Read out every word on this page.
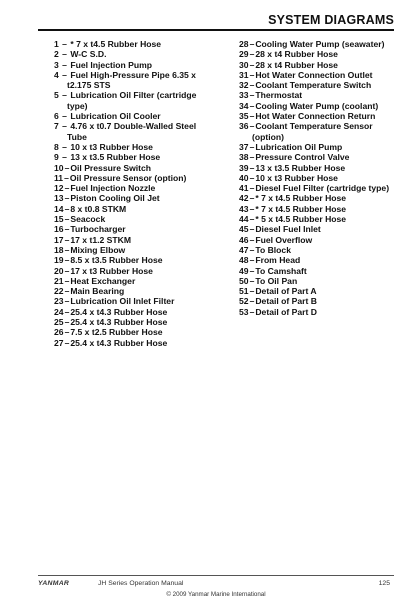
SYSTEM DIAGRAMS
1 – * 7 x t4.5 Rubber Hose
2 – W-C S.D.
3 – Fuel Injection Pump
4 – Fuel High-Pressure Pipe 6.35 x
t2.175 STS
5 – Lubrication Oil Filter (cartridge
type)
6 – Lubrication Oil Cooler
7 – 4.76 x t0.7 Double-Walled Steel
Tube
8 – 10 x t3 Rubber Hose
9 – 13 x t3.5 Rubber Hose
10 – Oil Pressure Switch
11 – Oil Pressure Sensor (option)
12 – Fuel Injection Nozzle
13 – Piston Cooling Oil Jet
14 – 8 x t0.8 STKM
15 – Seacock
16 – Turbocharger
17 – 17 x t1.2 STKM
18 – Mixing Elbow
19 – 8.5 x t3.5 Rubber Hose
20 – 17 x t3 Rubber Hose
21 – Heat Exchanger
22 – Main Bearing
23 – Lubrication Oil Inlet Filter
24 – 25.4 x t4.3 Rubber Hose
25 – 25.4 x t4.3 Rubber Hose
26 – 7.5 x t2.5 Rubber Hose
27 – 25.4 x t4.3 Rubber Hose
28 – Cooling Water Pump (seawater)
29 – 28 x t4 Rubber Hose
30 – 28 x t4 Rubber Hose
31 – Hot Water Connection Outlet
32 – Coolant Temperature Switch
33 – Thermostat
34 – Cooling Water Pump (coolant)
35 – Hot Water Connection Return
36 – Coolant Temperature Sensor
(option)
37 – Lubrication Oil Pump
38 – Pressure Control Valve
39 – 13 x t3.5 Rubber Hose
40 – 10 x t3 Rubber Hose
41 – Diesel Fuel Filter (cartridge type)
42 – * 7 x t4.5 Rubber Hose
43 – * 7 x t4.5 Rubber Hose
44 – * 5 x t4.5 Rubber Hose
45 – Diesel Fuel Inlet
46 – Fuel Overflow
47 – To Block
48 – From Head
49 – To Camshaft
50 – To Oil Pan
51 – Detail of Part A
52 – Detail of Part B
53 – Detail of Part D
YANMAR	JH Series Operation Manual	125
© 2009 Yanmar Marine International
